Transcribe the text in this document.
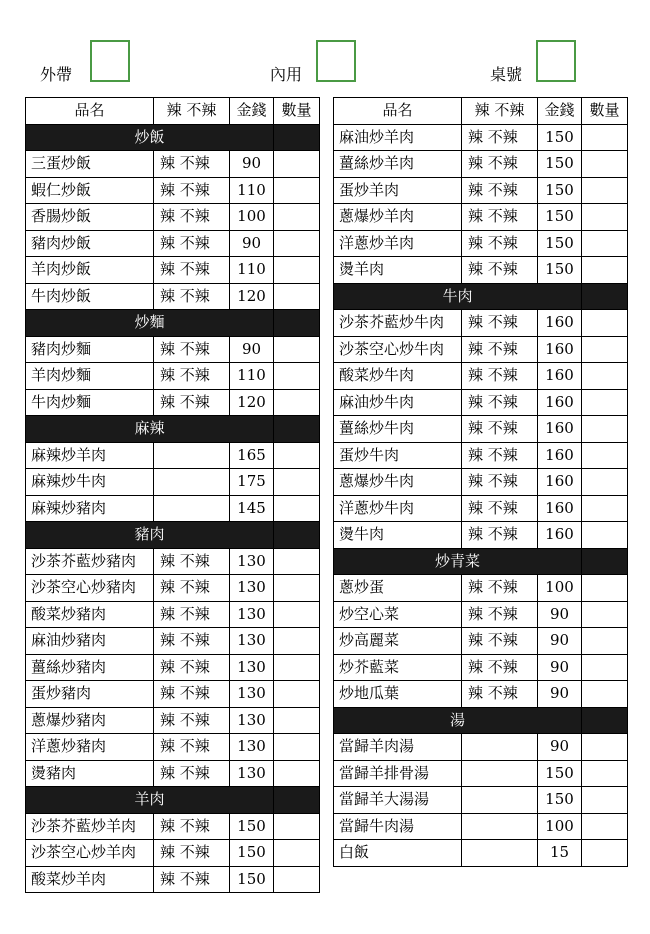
外帶	內用	桌號
品名	辣 不辣	金錢	數量
炒飯			
三蛋炒飯	辣 不辣	90	
蝦仁炒飯	辣 不辣	110	
香腸炒飯	辣 不辣	100	
豬肉炒飯	辣 不辣	90	
羊肉炒飯	辣 不辣	110	
牛肉炒飯	辣 不辣	120	
炒麵			
豬肉炒麵	辣 不辣	90	
羊肉炒麵	辣 不辣	110	
牛肉炒麵	辣 不辣	120	
麻辣			
麻辣炒羊肉		165	
麻辣炒牛肉		175	
麻辣炒豬肉		145	
豬肉			
沙茶芥藍炒豬肉	辣 不辣	130	
沙茶空心炒豬肉	辣 不辣	130	
酸菜炒豬肉	辣 不辣	130	
麻油炒豬肉	辣 不辣	130	
薑絲炒豬肉	辣 不辣	130	
蛋炒豬肉	辣 不辣	130	
蔥爆炒豬肉	辣 不辣	130	
洋蔥炒豬肉	辣 不辣	130	
燙豬肉	辣 不辣	130	
羊肉			
沙茶芥藍炒羊肉	辣 不辣	150	
沙茶空心炒羊肉	辣 不辣	150	
酸菜炒羊肉	辣 不辣	150	
品名	辣 不辣	金錢	數量
麻油炒羊肉	辣 不辣	150	
薑絲炒羊肉	辣 不辣	150	
蛋炒羊肉	辣 不辣	150	
蔥爆炒羊肉	辣 不辣	150	
洋蔥炒羊肉	辣 不辣	150	
燙羊肉	辣 不辣	150	
牛肉			
沙茶芥藍炒牛肉	辣 不辣	160	
沙茶空心炒牛肉	辣 不辣	160	
酸菜炒牛肉	辣 不辣	160	
麻油炒牛肉	辣 不辣	160	
薑絲炒牛肉	辣 不辣	160	
蛋炒牛肉	辣 不辣	160	
蔥爆炒牛肉	辣 不辣	160	
洋蔥炒牛肉	辣 不辣	160	
燙牛肉	辣 不辣	160	
炒青菜			
蔥炒蛋	辣 不辣	100	
炒空心菜	辣 不辣	90	
炒高麗菜	辣 不辣	90	
炒芥藍菜	辣 不辣	90	
炒地瓜葉	辣 不辣	90	
湯			
當歸羊肉湯		90	
當歸羊排骨湯		150	
當歸羊大湯湯		150	
當歸牛肉湯		100	
白飯		15	
